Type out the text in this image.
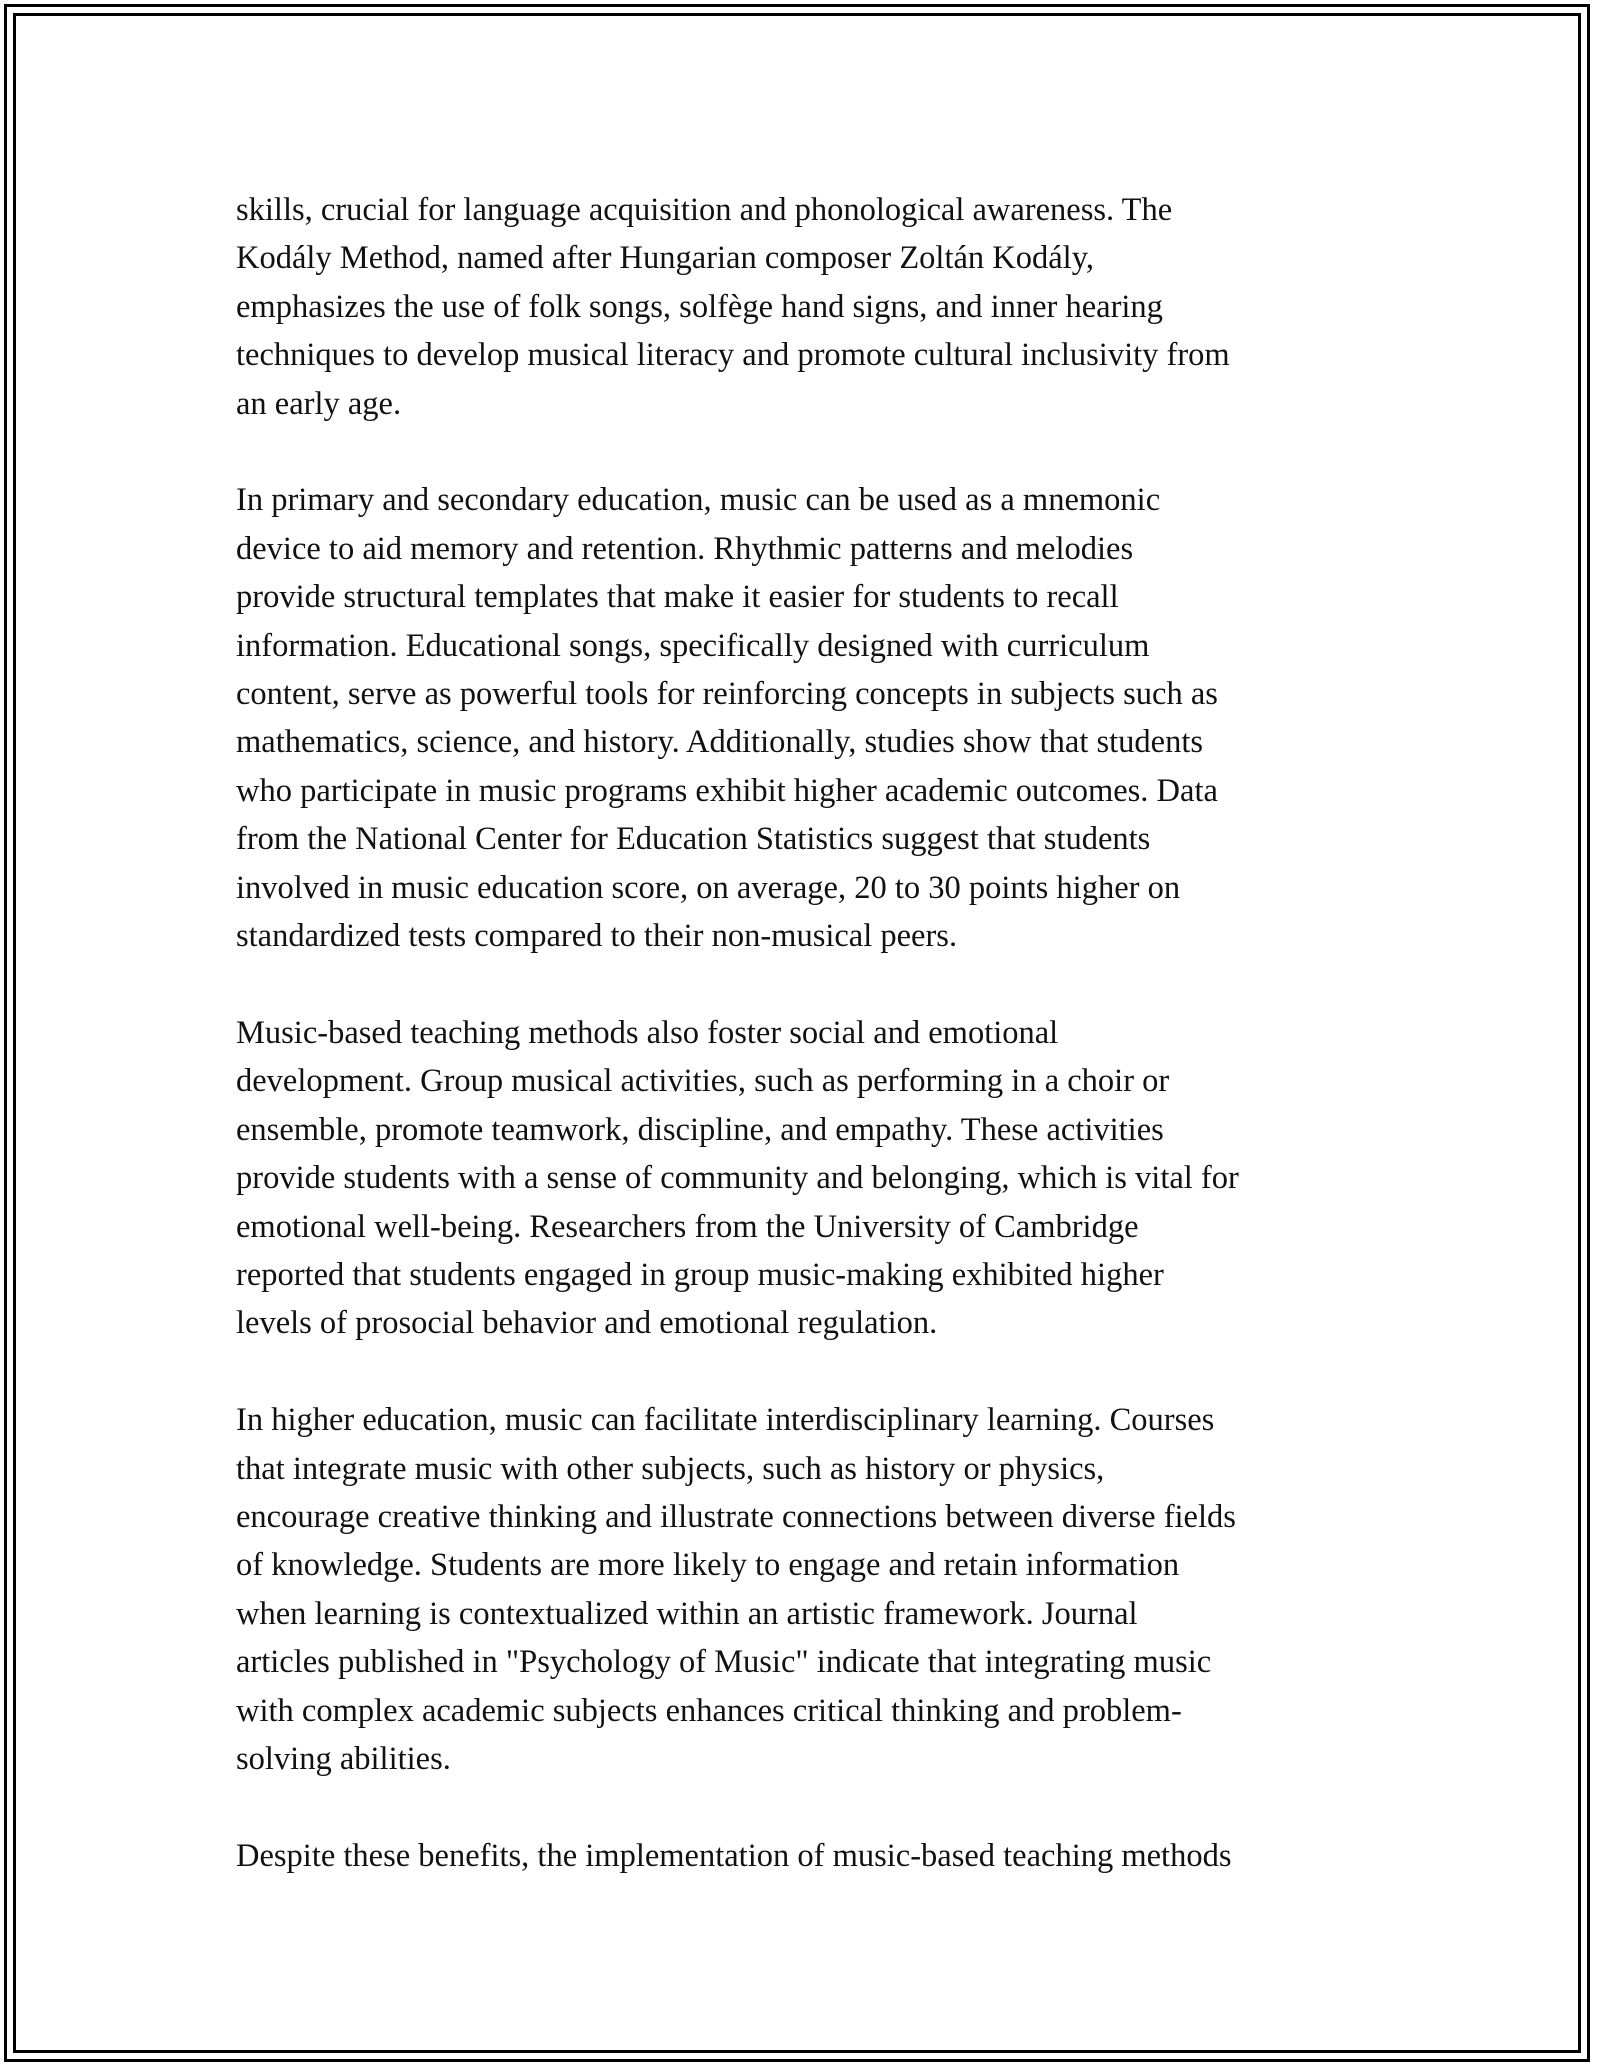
skills, crucial for language acquisition and phonological awareness. The
Kodály Method, named after Hungarian composer Zoltán Kodály,
emphasizes the use of folk songs, solfège hand signs, and inner hearing
techniques to develop musical literacy and promote cultural inclusivity from
an early age.

In primary and secondary education, music can be used as a mnemonic
device to aid memory and retention. Rhythmic patterns and melodies
provide structural templates that make it easier for students to recall
information. Educational songs, specifically designed with curriculum
content, serve as powerful tools for reinforcing concepts in subjects such as
mathematics, science, and history. Additionally, studies show that students
who participate in music programs exhibit higher academic outcomes. Data
from the National Center for Education Statistics suggest that students
involved in music education score, on average, 20 to 30 points higher on
standardized tests compared to their non-musical peers.

Music-based teaching methods also foster social and emotional
development. Group musical activities, such as performing in a choir or
ensemble, promote teamwork, discipline, and empathy. These activities
provide students with a sense of community and belonging, which is vital for
emotional well-being. Researchers from the University of Cambridge
reported that students engaged in group music-making exhibited higher
levels of prosocial behavior and emotional regulation.

In higher education, music can facilitate interdisciplinary learning. Courses
that integrate music with other subjects, such as history or physics,
encourage creative thinking and illustrate connections between diverse fields
of knowledge. Students are more likely to engage and retain information
when learning is contextualized within an artistic framework. Journal
articles published in "Psychology of Music" indicate that integrating music
with complex academic subjects enhances critical thinking and problem-
solving abilities.

Despite these benefits, the implementation of music-based teaching methods
